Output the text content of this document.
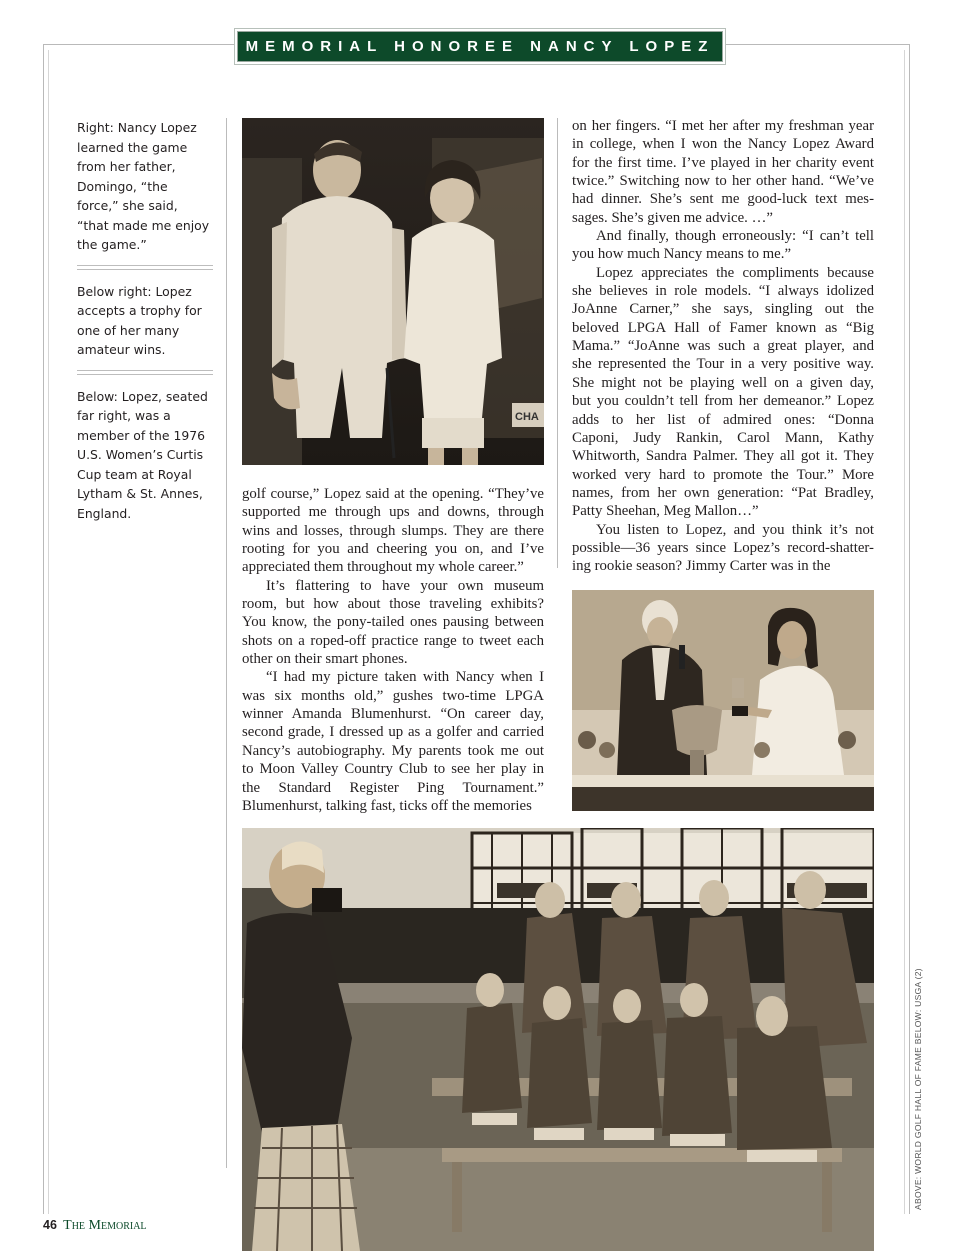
MEMORIAL HONOREE NANCY LOPEZ

Right: Nancy Lopez learned the game from her father, Domingo, “the force,” she said, “that made me enjoy the game.”

Below right: Lopez accepts a trophy for one of her many amateur wins.

Below: Lopez, seated far right, was a member of the 1976 U.S. Women’s Curtis Cup team at Royal Lytham & St. Annes, England.

CHA
golf course,” Lopez said at the opening. “They’ve
supported me through ups and downs, through
wins and losses, through slumps. They are there
rooting for you and cheering you on, and I’ve
appreciated them throughout my whole career.”
It’s flattering to have your own museum
room, but how about those traveling exhibits?
You know, the pony-tailed ones pausing between
shots on a roped-off practice range to tweet each
other on their smart phones.
“I had my picture taken with Nancy when I
was six months old,” gushes two-time LPGA
winner Amanda Blumenhurst. “On career day,
second grade, I dressed up as a golfer and carried
Nancy’s autobiography. My parents took me out
to Moon Valley Country Club to see her play in
the Standard Register Ping Tournament.”
Blumenhurst, talking fast, ticks off the memories
on her fingers. “I met her after my freshman year
in college, when I won the Nancy Lopez Award
for the first time. I’ve played in her charity event
twice.” Switching now to her other hand. “We’ve
had dinner. She’s sent me good-luck text mes-
sages. She’s given me advice. …”
And finally, though erroneously: “I can’t tell
you how much Nancy means to me.”
Lopez appreciates the compliments because
she believes in role models. “I always idolized
JoAnne Carner,” she says, singling out the
beloved LPGA Hall of Famer known as “Big
Mama.” “JoAnne was such a great player, and
she represented the Tour in a very positive way.
She might not be playing well on a given day,
but you couldn’t tell from her demeanor.” Lopez
adds to her list of admired ones: “Donna
Caponi, Judy Rankin, Carol Mann, Kathy
Whitworth, Sandra Palmer. They all got it. They
worked very hard to promote the Tour.” More
names, from her own generation: “Pat Bradley,
Patty Sheehan, Meg Mallon…”
You listen to Lopez, and you think it’s not
possible—36 years since Lopez’s record-shatter-
ing rookie season? Jimmy Carter was in the
ABOVE: WORLD GOLF HALL OF FAME BELOW: USGA (2)
46 The Memorial
